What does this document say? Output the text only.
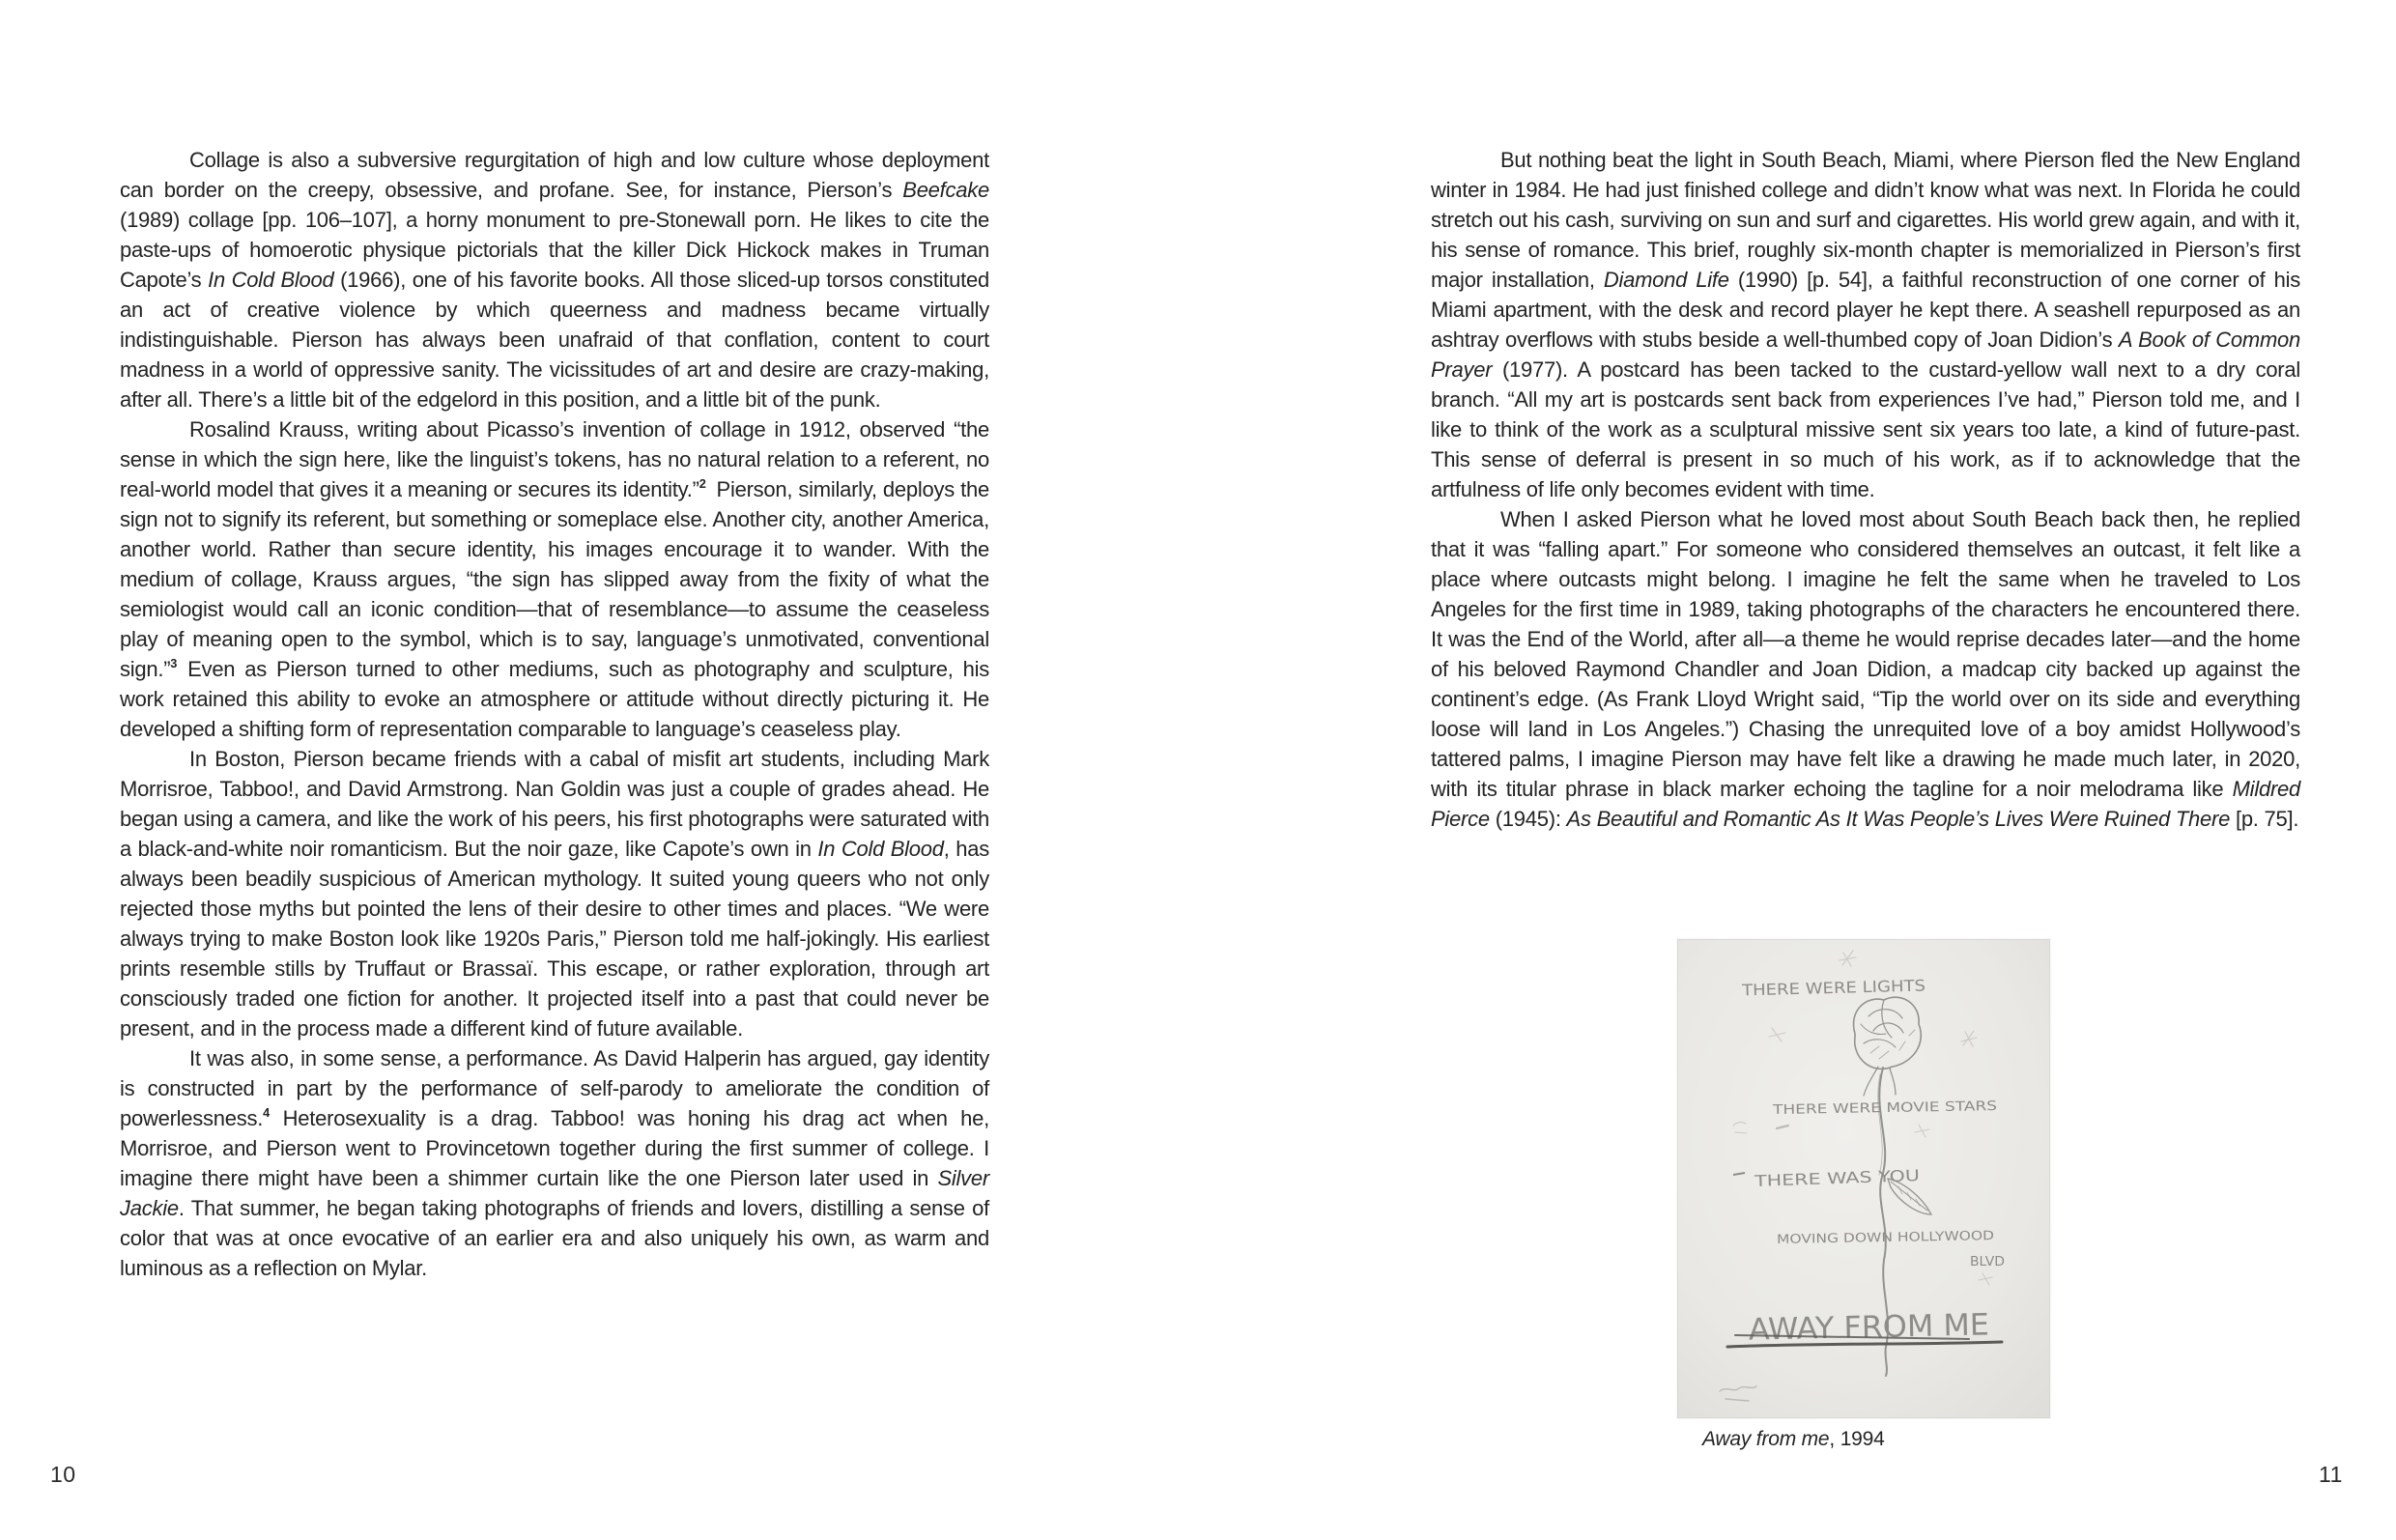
Collage is also a subversive regurgitation of high and low culture whose deployment can border on the creepy, obsessive, and profane. See, for instance, Pierson’s Beefcake (1989) collage [pp. 106–107], a horny monument to pre-Stonewall porn. He likes to cite the paste-ups of homoerotic physique pictorials that the killer Dick Hickock makes in Truman Capote’s In Cold Blood (1966), one of his favorite books. All those sliced-up torsos constituted an act of creative violence by which queerness and madness became virtually indistinguishable. Pierson has always been unafraid of that conflation, content to court madness in a world of oppressive sanity. The vicissitudes of art and desire are crazy-making, after all. There’s a little bit of the edgelord in this position, and a little bit of the punk.

Rosalind Krauss, writing about Picasso’s invention of collage in 1912, observed “the sense in which the sign here, like the linguist’s tokens, has no natural relation to a referent, no real-world model that gives it a meaning or secures its identity.”$^2$ Pierson, similarly, deploys the sign not to signify its referent, but something or someplace else. Another city, another America, another world. Rather than secure identity, his images encourage it to wander. With the medium of collage, Krauss argues, “the sign has slipped away from the fixity of what the semiologist would call an iconic condition—that of resemblance—to assume the ceaseless play of meaning open to the symbol, which is to say, language’s unmotivated, conventional sign.”$^3$ Even as Pierson turned to other mediums, such as photography and sculpture, his work retained this ability to evoke an atmosphere or attitude without directly picturing it. He developed a shifting form of representation comparable to language’s ceaseless play.

In Boston, Pierson became friends with a cabal of misfit art students, including Mark Morrisroe, Tabboo!, and David Armstrong. Nan Goldin was just a couple of grades ahead. He began using a camera, and like the work of his peers, his first photographs were saturated with a black-and-white noir romanticism. But the noir gaze, like Capote’s own in In Cold Blood, has always been beadily suspicious of American mythology. It suited young queers who not only rejected those myths but pointed the lens of their desire to other times and places. “We were always trying to make Boston look like 1920s Paris,” Pierson told me half-jokingly. His earliest prints resemble stills by Truffaut or Brassaï. This escape, or rather exploration, through art consciously traded one fiction for another. It projected itself into a past that could never be present, and in the process made a different kind of future available.

It was also, in some sense, a performance. As David Halperin has argued, gay identity is constructed in part by the performance of self-parody to ameliorate the condition of powerlessness.$^4$ Heterosexuality is a drag. Tabboo! was honing his drag act when he, Morrisroe, and Pierson went to Provincetown together during the first summer of college. I imagine there might have been a shimmer curtain like the one Pierson later used in Silver Jackie. That summer, he began taking photographs of friends and lovers, distilling a sense of color that was at once evocative of an earlier era and also uniquely his own, as warm and luminous as a reflection on Mylar.

10

But nothing beat the light in South Beach, Miami, where Pierson fled the New England winter in 1984. He had just finished college and didn’t know what was next. In Florida he could stretch out his cash, surviving on sun and surf and cigarettes. His world grew again, and with it, his sense of romance. This brief, roughly six-month chapter is memorialized in Pierson’s first major installation, Diamond Life (1990) [p. 54], a faithful reconstruction of one corner of his Miami apartment, with the desk and record player he kept there. A seashell repurposed as an ashtray overflows with stubs beside a well-thumbed copy of Joan Didion’s A Book of Common Prayer (1977). A postcard has been tacked to the custard-yellow wall next to a dry coral branch. “All my art is postcards sent back from experiences I’ve had,” Pierson told me, and I like to think of the work as a sculptural missive sent six years too late, a kind of future-past. This sense of deferral is present in so much of his work, as if to acknowledge that the artfulness of life only becomes evident with time.

When I asked Pierson what he loved most about South Beach back then, he replied that it was “falling apart.” For someone who considered themselves an outcast, it felt like a place where outcasts might belong. I imagine he felt the same when he traveled to Los Angeles for the first time in 1989, taking photographs of the characters he encountered there. It was the End of the World, after all—a theme he would reprise decades later—and the home of his beloved Raymond Chandler and Joan Didion, a madcap city backed up against the continent’s edge. (As Frank Lloyd Wright said, “Tip the world over on its side and everything loose will land in Los Angeles.”) Chasing the unrequited love of a boy amidst Hollywood’s tattered palms, I imagine Pierson may have felt like a drawing he made much later, in 2020, with its titular phrase in black marker echoing the tagline for a noir melodrama like Mildred Pierce (1945): As Beautiful and Romantic As It Was People’s Lives Were Ruined There [p. 75].

THERE WERE LIGHTS
THERE WERE MOVIE STARS
THERE WAS YOU
MOVING DOWN HOLLYWOOD
BLVD
AWAY FROM ME
Away from me, 1994
11
